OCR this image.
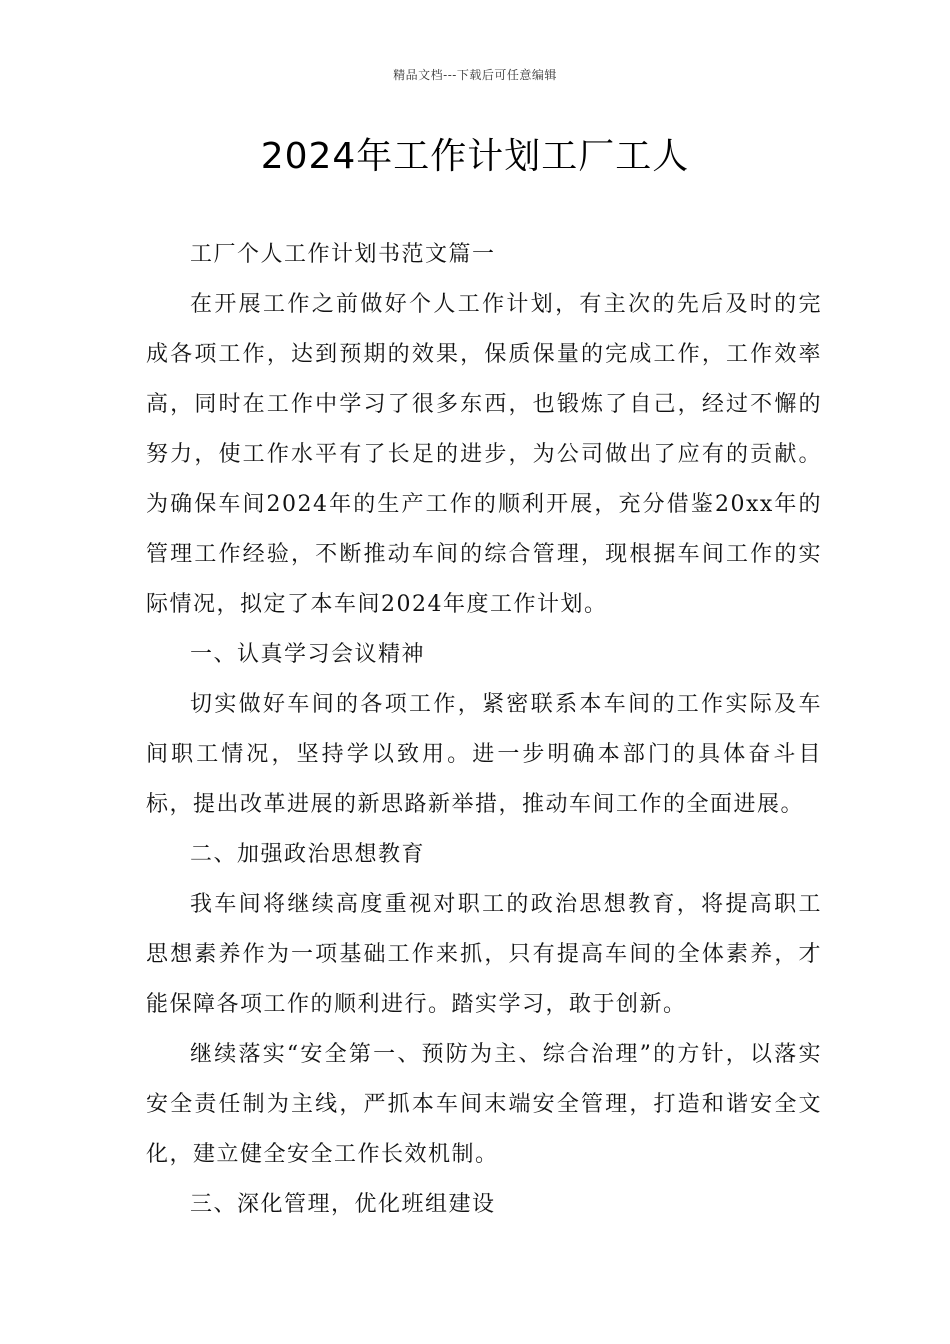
精品文档---下载后可任意编辑
2024年工作计划工厂工人

工厂个人工作计划书范文篇一

在开展工作之前做好个人工作计划，有主次的先后及时的完成各项工作，达到预期的效果，保质保量的完成工作，工作效率高，同时在工作中学习了很多东西，也锻炼了自己，经过不懈的努力，使工作水平有了长足的进步，为公司做出了应有的贡献。为确保车间2024年的生产工作的顺利开展，充分借鉴20xx年的管理工作经验，不断推动车间的综合管理，现根据车间工作的实际情况，拟定了本车间2024年度工作计划。

一、认真学习会议精神

切实做好车间的各项工作，紧密联系本车间的工作实际及车间职工情况，坚持学以致用。进一步明确本部门的具体奋斗目标，提出改革进展的新思路新举措，推动车间工作的全面进展。

二、加强政治思想教育

我车间将继续高度重视对职工的政治思想教育，将提高职工思想素养作为一项基础工作来抓，只有提高车间的全体素养，才能保障各项工作的顺利进行。踏实学习，敢于创新。

继续落实“安全第一、预防为主、综合治理”的方针，以落实安全责任制为主线，严抓本车间末端安全管理，打造和谐安全文化，建立健全安全工作长效机制。

三、深化管理，优化班组建设
